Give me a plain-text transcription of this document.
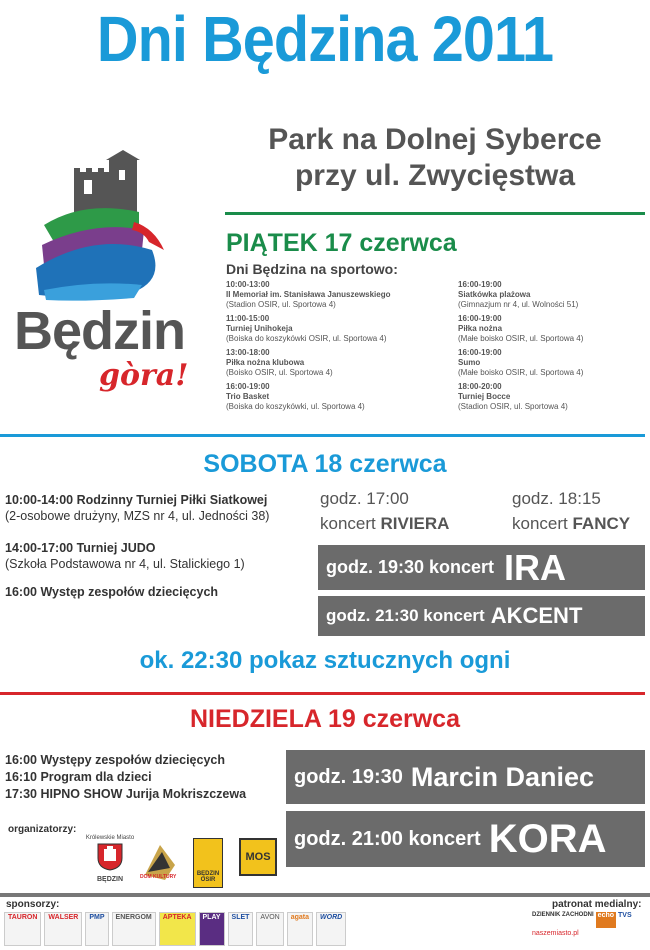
Dni Będzina 2011
Park na Dolnej Syberce
przy ul. Zwycięstwa
Będzin
gòra!
PIĄTEK 17 czerwca
Dni Będzina na sportowo:
10:00-13:00
II Memoriał im. Stanisława Januszewskiego
(Stadion OSIR, ul. Sportowa 4)
11:00-15:00
Turniej Unihokeja
(Boiska do koszykówki OSIR, ul. Sportowa 4)
13:00-18:00
Piłka nożna klubowa
(Boisko OSIR, ul. Sportowa 4)
16:00-19:00
Trio Basket
(Boiska do koszykówki, ul. Sportowa 4)
16:00-19:00
Siatkówka plażowa
(Gimnazjum nr 4, ul. Wolności 51)
16:00-19:00
Piłka nożna
(Małe boisko OSIR, ul. Sportowa 4)
16:00-19:00
Sumo
(Małe boisko OSIR, ul. Sportowa 4)
18:00-20:00
Turniej Bocce
(Stadion OSIR, ul. Sportowa 4)
SOBOTA 18 czerwca
10:00-14:00 Rodzinny Turniej Piłki Siatkowej
(2-osobowe drużyny, MZS nr 4, ul. Jedności 38)
14:00-17:00 Turniej JUDO
(Szkoła Podstawowa nr 4, ul. Stalickiego 1)
16:00 Występ zespołów dziecięcych
godz. 17:00
koncert RIVIERA
godz. 18:15
koncert FANCY
godz. 19:30 koncert IRA
godz. 21:30 koncert AKCENT
ok. 22:30 pokaz sztucznych ogni
NIEDZIELA 19 czerwca
16:00 Występy zespołów dziecięcych
16:10 Program dla dzieci
17:30 HIPNO SHOW Jurija Mokriszczewa
godz. 19:30 Marcin Daniec
godz. 21:00 koncert KORA
organizatorzy:
Królewskie Miasto
BĘDZIN	DOM KULTURY	BĘDZIN OSIR
MOS
sponsorzy:	patronat medialny:
TAURON	WALSER	PMP	ENERGOM	APTEKA	PLAY	SLET	AVON	agata	WORD	DZIENNIK ZACHODNI echo TVS
naszemiasto.pl
